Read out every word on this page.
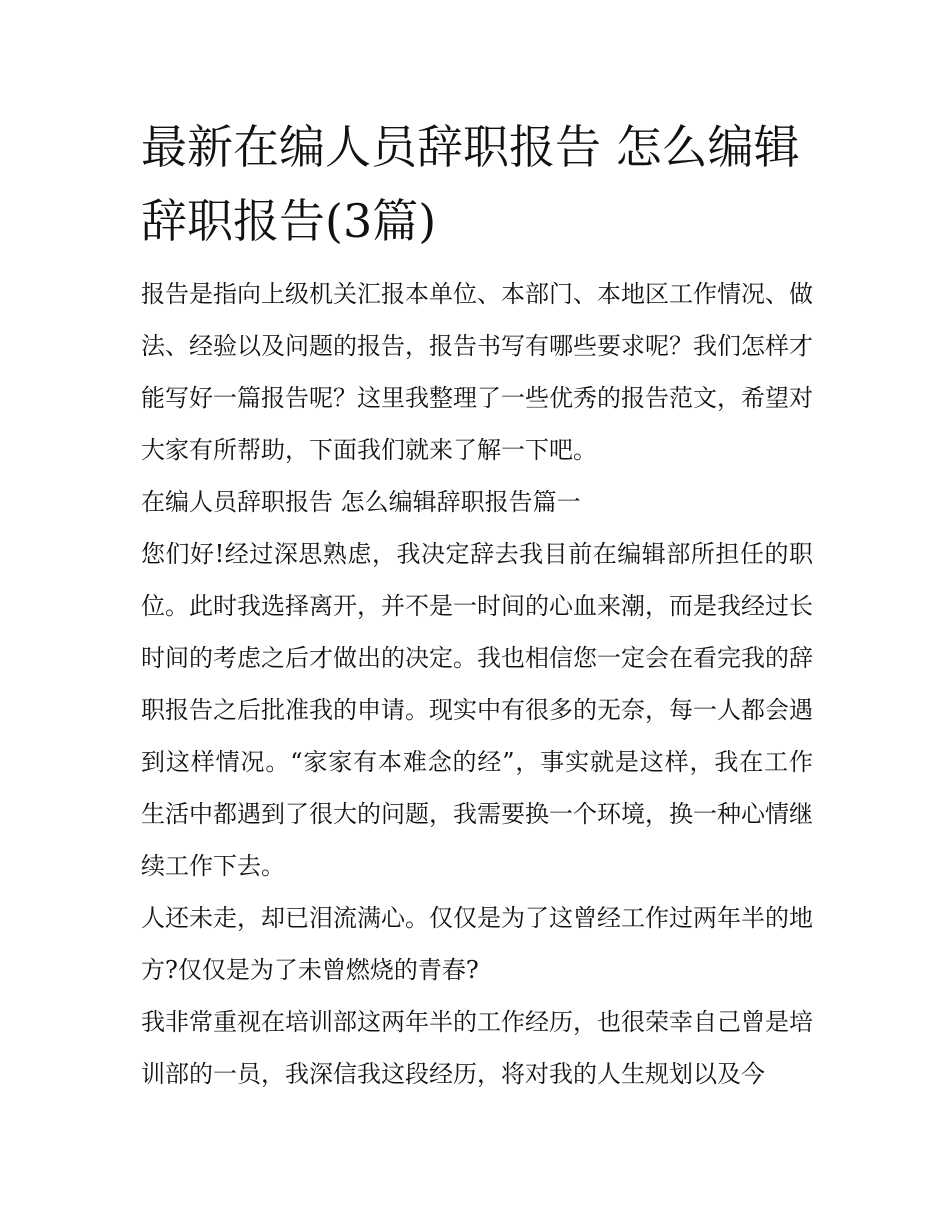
最新在编人员辞职报告 怎么编辑辞职报告(3篇)

报告是指向上级机关汇报本单位、本部门、本地区工作情况、做法、经验以及问题的报告，报告书写有哪些要求呢？我们怎样才能写好一篇报告呢？这里我整理了一些优秀的报告范文，希望对大家有所帮助，下面我们就来了解一下吧。

在编人员辞职报告 怎么编辑辞职报告篇一

您们好!经过深思熟虑，我决定辞去我目前在编辑部所担任的职位。此时我选择离开，并不是一时间的心血来潮，而是我经过长时间的考虑之后才做出的决定。我也相信您一定会在看完我的辞职报告之后批准我的申请。现实中有很多的无奈，每一人都会遇到这样情况。“家家有本难念的经”，事实就是这样，我在工作生活中都遇到了很大的问题，我需要换一个环境，换一种心情继续工作下去。

人还未走，却已泪流满心。仅仅是为了这曾经工作过两年半的地方?仅仅是为了未曾燃烧的青春?

我非常重视在培训部这两年半的工作经历，也很荣幸自己曾是培训部的一员，我深信我这段经历，将对我的人生规划以及今
